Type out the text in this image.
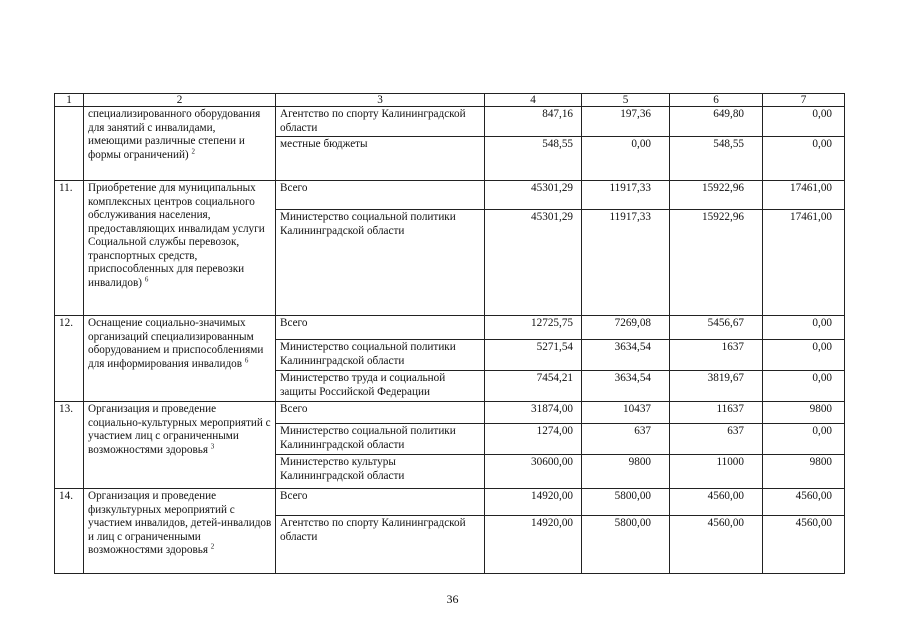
1	2	3	4	5	6	7
	специализированного оборудования для занятий с инвалидами, имеющими различные степени и формы ограничений) $^2$	Агентство по спорту Калининградской области	847,16	197,36	649,80	0,00
		местные бюджеты	548,55	0,00	548,55	0,00
11.	Приобретение для муниципальных комплексных центров социального обслуживания населения, предоставляющих инвалидам услуги Социальной службы перевозок, транспортных средств, приспособленных для перевозки инвалидов) $^6$	Всего	45301,29	11917,33	15922,96	17461,00
		Министерство социальной политики Калининградской области	45301,29	11917,33	15922,96	17461,00
12.	Оснащение социально-значимых организаций специализированным оборудованием и приспособлениями для информирования инвалидов $^6$	Всего	12725,75	7269,08	5456,67	0,00
		Министерство социальной политики Калининградской области	5271,54	3634,54	1637	0,00
		Министерство труда и социальной защиты Российской Федерации	7454,21	3634,54	3819,67	0,00
13.	Организация и проведение социально-культурных мероприятий с участием лиц с ограниченными возможностями здоровья $^3$	Всего	31874,00	10437	11637	9800
		Министерство социальной политики Калининградской области	1274,00	637	637	0,00
		Министерство культуры Калининградской области	30600,00	9800	11000	9800
14.	Организация и проведение физкультурных мероприятий с участием инвалидов, детей-инвалидов и лиц с ограниченными возможностями здоровья $^2$	Всего	14920,00	5800,00	4560,00	4560,00
		Агентство по спорту Калининградской области	14920,00	5800,00	4560,00	4560,00
36
